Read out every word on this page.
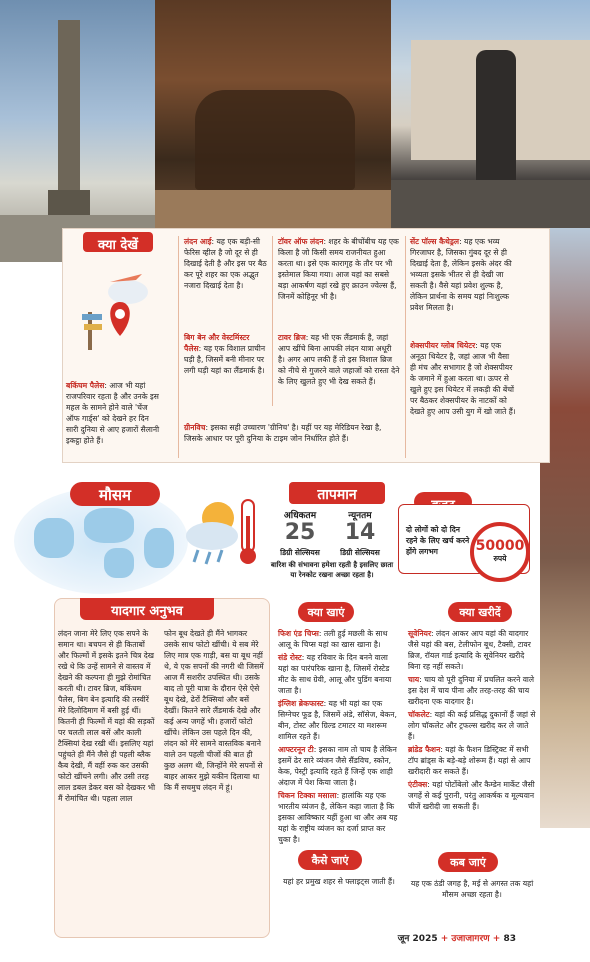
क्या देखें
बकिंघम पैलेस: आज भी यहां राजपरिवार रहता है और उनके इस महल के सामने होने वाले 'चेंज ऑफ गार्ड्स' को देखने हर दिन सारी दुनिया से आए हजारों सैलानी इकट्ठा होते हैं।
लंदन आई: यह एक बड़ी-सी फेरिस व्हील है जो दूर से ही दिखाई देती है और इस पर बैठ कर पूरे शहर का एक अद्भुत नजारा दिखाई देता है।
बिग बेन और वेस्टमिंस्टर पैलेस: यह एक विशाल प्राचीन घड़ी है, जिसमें बनी मीनार पर लगी घड़ी यहां का लैंडमार्क है।
टॉवर ऑफ लंदन: शहर के बीचोंबीच यह एक किला है जो किसी समय राजनीयत हुआ करता था। इसे एक कारागृह के तौर पर भी इस्तेमाल किया गया। आज यहां का सबसे बड़ा आकर्षण यहां रखे हुए क्राउन ज्वेल्स हैं, जिनमें कोहिनूर भी है।
टावर ब्रिज: यह भी एक लैंडमार्क है, जहां आप खींचे बिना आपकी लंदन यात्रा अधूरी है। अगर आप लकी हैं तो इस विशाल ब्रिज को नीचे से गुजरने वाले जहाजों को रास्ता देने के लिए खुलते हुए भी देख सकते हैं।
ग्रीनविच: इसका सही उच्चारण 'ग्रीनिच' है। यहीं पर यह मेरिडियन रेखा है, जिसके आधार पर पूरी दुनिया के टाइम जोन निर्धारित होते हैं।
सेंट पॉल्स कैथेड्रल: यह एक भव्य गिरजाघर है, जिसका गुंबद दूर से ही दिखाई देता है, लेकिन इसके अंदर की भव्यता इसके भीतर से ही देखी जा सकती है। वैसे यहां प्रवेश शुल्क है, लेकिन प्रार्थना के समय यहां निःशुल्क प्रवेश मिलता है।
शेक्सपीयर ग्लोब थियेटर: यह एक अनूठा थियेटर है, जहां आज भी वैसा ही मंच और सभागार है जो शेक्सपीयर के जमाने में हुआ करता था। ऊपर से खुले हुए इस थियेटर में लकड़ी की बेंचों पर बैठकर शेक्सपीयर के नाटकों को देखते हुए आप उसी युग में खो जाते हैं।
मौसम	तापमान
अधिकतम
25
डिग्री सेल्सियस
न्यूनतम
14
डिग्री सेल्सियस
बारिश की संभावना हमेशा रहती है इसलिए छाता या रेनकोट रखना अच्छा रहता है।
दो लोगों को दो दिन रहने के लिए खर्च करने होंगे लगभग	50000
रुपये
यादगार अनुभव
लंदन जाना मेरे लिए एक सपने के समान था। बचपन से ही किताबों और फिल्मों में इसके इतने चित्र देख रखे थे कि उन्हें सामने से वास्तव में देखने की कल्पना ही मुझे रोमांचित करती थी। टावर ब्रिज, बकिंघम पैलेस, बिग बेन इत्यादि की तस्वीरें मेरे दिलोदिमाग में बसी हुई थीं। कितनी ही फिल्मों में यहां की सड़कों पर चलती लाल बसें और काली टैक्सियां देख रखी थीं। इसलिए यहां पहुंचते ही मैंने जैसे ही पहली ब्लैक कैब देखी, मैं वहीं रुक कर उसकी फोटो खींचने लगी। और उसी तरह लाल डबल डेकर बस को देखकर भी मैं रोमांचित थी। पहला लाल
फोन बूथ देखते ही मैंने भागकर उसके साथ फोटो खींची। ये सब मेरे लिए मात्र एक गाड़ी, बस या बूथ नहीं थे, ये एक सपनों की नगरी थी जिसमें आज मैं सशरीर उपस्थित थी। उसके बाद तो पूरी यात्रा के दौरान ऐसे ऐसे बूथ देखे, ढेरों टैक्सियां और बसें देखीं। कितने सारे लैंडमार्क देखे और कई अन्य जगहें भी। हजारों फोटो खींचे। लेकिन उस पहले दिन की, लंदन को मेरे सामने वास्तविक बनाने वाले उन पहली चीजों की बात ही कुछ अलग थी, जिन्होंने मेरे सपनों से बाहर आकर मुझे यकीन दिलाया था कि मैं सचमुच लंदन में हूं।
क्या खाएं
फिश एंड चिप्स: तली हुई मछली के साथ आलू के चिप्स यहां का खास खाना है।
संडे रोस्ट: यह रविवार के दिन बनने वाला यहां का पारंपरिक खाना है, जिसमें रोस्टेड मीट के साथ ग्रेवी, आलू और पुडिंग बनाया जाता है।
इंग्लिश ब्रेकफास्ट: यह भी यहां का एक सिग्नेचर फूड है, जिसमें अंडे, सॉसेज, बेकन, बीन, टोस्ट और ग्रिल्ड टमाटर या मशरूम शामिल रहते हैं।
आफ्टरनून टी: इसका नाम तो चाय है लेकिन इसमें ढेर सारे व्यंजन जैसे सैंडविच, स्कोन, केक, पेस्ट्री इत्यादि रहते हैं जिन्हें एक शाही अंदाज में पेश किया जाता है।
चिकन टिक्का मसाला: हालांकि यह एक भारतीय व्यंजन है, लेकिन कहा जाता है कि इसका आविष्कार यहीं हुआ था और अब यह यहां के राष्ट्रीय व्यंजन का दर्जा प्राप्त कर चुका है।
कैसे जाएं
यहां हर प्रमुख शहर से फ्लाइट्स जाती हैं।
क्या खरीदें
सूवेनियर: लंदन आकर आप यहां की यादगार जैसे यहां की बस, टेलीफोन बूथ, टैक्सी, टावर ब्रिज, रॉयल गार्ड इत्यादि के सूवेनियर खरीदे बिना रह नहीं सकते।
चाय: चाय वो पूरी दुनिया में प्रचलित करने वाले इस देश में चाय पीना और तरह-तरह की चाय खरीदना एक यादगार है।
चॉकलेट: यहां की कई प्रसिद्ध दुकानों हैं जहां से लोग चॉकलेट और ट्रफल्स खरीद कर ले जाते हैं।
ब्रांडेड फैशन: यहां के फैशन डिस्ट्रिक्ट में सभी टॉप ब्रांड्स के बड़े-बड़े शोरूम हैं। यहां से आप खरीदारी कर सकते हैं।
एंटीक्स: यहां पोर्टोबेलो और कैम्डेन मार्केट जैसी जगहें से कई पुरानी, परंतु आकर्षक व मूल्यवान चीजें खरीदी जा सकती हैं।
कब जाएं
यह एक ठंडी जगह है, मई से अगस्त तक यहां मौसम अच्छा रहता है।
जून 2025 + उजाजागरण + 83
